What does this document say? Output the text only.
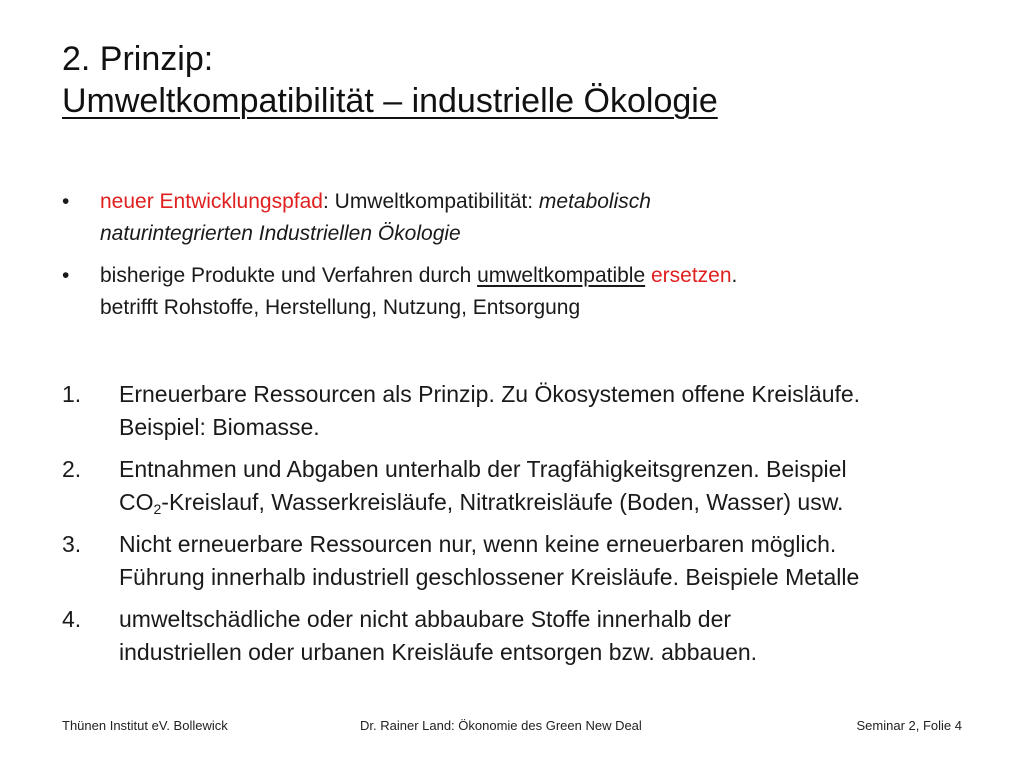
2. Prinzip:
Umweltkompatibilität – industrielle Ökologie
• neuer Entwicklungspfad: Umweltkompatibilität: metabolisch
naturintegrierten Industriellen Ökologie
• bisherige Produkte und Verfahren durch umweltkompatible ersetzen.
betrifft Rohstoffe, Herstellung, Nutzung, Entsorgung
1. Erneuerbare Ressourcen als Prinzip. Zu Ökosystemen offene Kreisläufe.
Beispiel: Biomasse.
2. Entnahmen und Abgaben unterhalb der Tragfähigkeitsgrenzen. Beispiel
$CO_2$-Kreislauf, Wasserkreisläufe, Nitratkreisläufe (Boden, Wasser) usw.
3. Nicht erneuerbare Ressourcen nur, wenn keine erneuerbaren möglich.
Führung innerhalb industriell geschlossener Kreisläufe. Beispiele Metalle
4. umweltschädliche oder nicht abbaubare Stoffe innerhalb der
industriellen oder urbanen Kreisläufe entsorgen bzw. abbauen.
Thünen Institut eV. Bollewick	Dr. Rainer Land: Ökonomie des Green New Deal	Seminar 2, Folie 4
